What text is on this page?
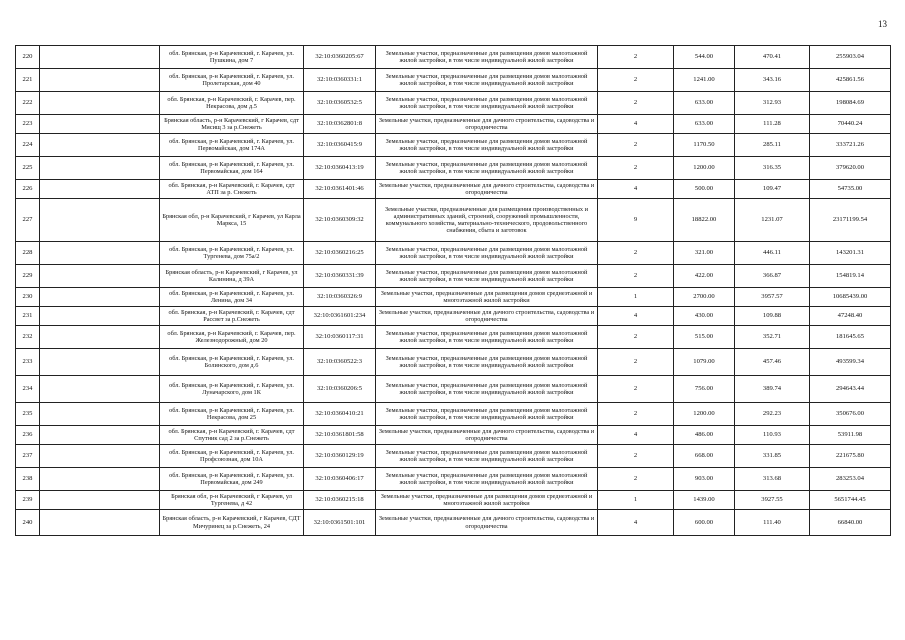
13
220		обл. Брянская, р-н Карачевский, г. Карачев, ул. Пушкина, дом 7	32:10:0360205:67	Земельные участки, предназначенные для размещения домов малоэтажной жилой застройки, в том числе индивидуальной жилой застройки	2	544.00	470.41	255903.04
221		обл. Брянская, р-н Карачевский, г. Карачев, ул. Пролетарская, дом 40	32:10:0360331:1	Земельные участки, предназначенные для размещения домов малоэтажной жилой застройки, в том числе индивидуальной жилой застройки	2	1241.00	343.16	425861.56
222		обл. Брянская, р-н Карачевский, г. Карачев, пер. Некрасова, дом д.5	32:10:0360532:5	Земельные участки, предназначенные для размещения домов малоэтажной жилой застройки, в том числе индивидуальной жилой застройки	2	633.00	312.93	198084.69
223		Брянская область, р-н Карачевский, г Карачев, сдт Мясищ 3 за р.Снежеть	32:10:0362801:8	Земельные участки, предназначенные для дачного строительства, садоводства и огородничества	4	633.00	111.28	70440.24
224		обл. Брянская, р-н Карачевский, г. Карачев, ул. Первомайская, дом 174А	32:10:0360415:9	Земельные участки, предназначенные для размещения домов малоэтажной жилой застройки, в том числе индивидуальной жилой застройки	2	1170.50	285.11	333721.26
225		обл. Брянская, р-н Карачевский, г. Карачев, ул. Первомайская, дом 164	32:10:0360413:19	Земельные участки, предназначенные для размещения домов малоэтажной жилой застройки, в том числе индивидуальной жилой застройки	2	1200.00	316.35	379620.00
226		обл. Брянская, р-н Карачевский, г. Карачев, сдт АТП за р. Снежеть	32:10:0361401:46	Земельные участки, предназначенные для дачного строительства, садоводства и огородничества	4	500.00	109.47	54735.00
227		Брянская обл, р-н Карачевский, г Карачев, ул Карла Маркса, 15	32:10:0360309:32	Земельные участки, предназначенные для размещения производственных и административных зданий, строений, сооружений промышленности, коммунального хозяйства, материально-технического, продовольственного снабжения, сбыта и заготовок	9	18822.00	1231.07	23171199.54
228		обл. Брянская, р-н Карачевский, г. Карачев, ул. Тургенева, дом 75а/2	32:10:0360216:25	Земельные участки, предназначенные для размещения домов малоэтажной жилой застройки, в том числе индивидуальной жилой застройки	2	321.00	446.11	143201.31
229		Брянская область, р-н Карачевский, г Карачев, ул Калинина, д 39А	32:10:0360331:39	Земельные участки, предназначенные для размещения домов малоэтажной жилой застройки, в том числе индивидуальной жилой застройки	2	422.00	366.87	154819.14
230		обл. Брянская, р-н Карачевский, г. Карачев, ул. Ленина, дом 34	32:10:0360326:9	Земельные участки, предназначенные для размещения домов среднеэтажной и многоэтажной жилой застройки	1	2700.00	3957.57	10685439.00
231		обл. Брянская, р-н Карачевский, г. Карачев, сдт Рассвет за р.Снежеть	32:10:0361601:234	Земельные участки, предназначенные для дачного строительства, садоводства и огородничества	4	430.00	109.88	47248.40
232		обл. Брянская, р-н Карачевский, г. Карачев, пер. Железнодорожный, дом 20	32:10:0360117:31	Земельные участки, предназначенные для размещения домов малоэтажной жилой застройки, в том числе индивидуальной жилой застройки	2	515.00	352.71	181645.65
233		обл. Брянская, р-н Карачевский, г. Карачев, ул. Болинского, дом д.6	32:10:0360522:3	Земельные участки, предназначенные для размещения домов малоэтажной жилой застройки, в том числе индивидуальной жилой застройки	2	1079.00	457.46	493599.34
234		обл. Брянская, р-н Карачевский, г. Карачев, ул. Луначарского, дом 1К	32:10:0360206:5	Земельные участки, предназначенные для размещения домов малоэтажной жилой застройки, в том числе индивидуальной жилой застройки	2	756.00	389.74	294643.44
235		обл. Брянская, р-н Карачевский, г. Карачев, ул. Некрасова, дом 25	32:10:0360410:21	Земельные участки, предназначенные для размещения домов малоэтажной жилой застройки, в том числе индивидуальной жилой застройки	2	1200.00	292.23	350676.00
236		обл. Брянская, р-н Карачевский, г. Карачев, сдт Спутник сад 2 за р.Снежеть	32:10:0361801:58	Земельные участки, предназначенные для дачного строительства, садоводства и огородничества	4	486.00	110.93	53911.98
237		обл. Брянская, р-н Карачевский, г. Карачев, ул. Профсоюзная, дом 10А	32:10:0360129:19	Земельные участки, предназначенные для размещения домов малоэтажной жилой застройки, в том числе индивидуальной жилой застройки	2	668.00	331.85	221675.80
238		обл. Брянская, р-н Карачевский, г. Карачев, ул. Первомайская, дом 249	32:10:0360406:17	Земельные участки, предназначенные для размещения домов малоэтажной жилой застройки, в том числе индивидуальной жилой застройки	2	903.00	313.68	283253.04
239		Брянская обл, р-н Карачевский, г Карачев, ул Тургенева, д 42	32:10:0360215:18	Земельные участки, предназначенные для размещения домов среднеэтажной и многоэтажной жилой застройки	1	1439.00	3927.55	5651744.45
240		Брянская область, р-н Карачевский, г Карачев, СДТ Мичуринец за р.Снежеть, 24	32:10:0361501:101	Земельные участки, предназначенные для дачного строительства, садоводства и огородничества	4	600.00	111.40	66840.00
